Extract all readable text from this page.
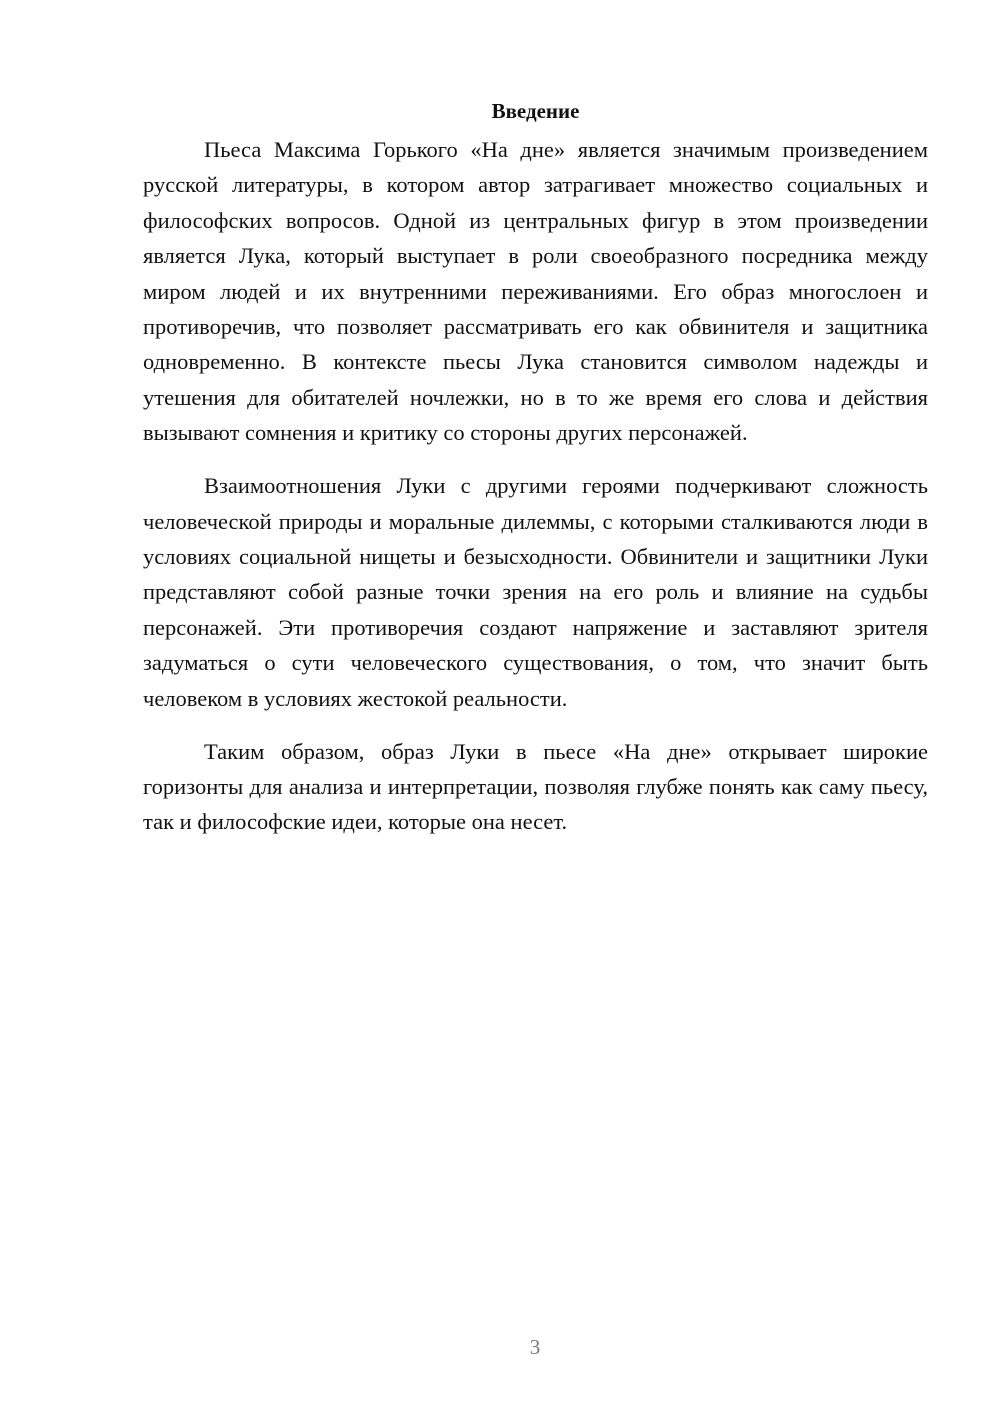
Введение

Пьеса Максима Горького «На дне» является значимым произведением русской литературы, в котором автор затрагивает множество социальных и философских вопросов. Одной из центральных фигур в этом произведении является Лука, который выступает в роли своеобразного посредника между миром людей и их внутренними переживаниями. Его образ многослоен и противоречив, что позволяет рассматривать его как обвинителя и защитника одновременно. В контексте пьесы Лука становится символом надежды и утешения для обитателей ночлежки, но в то же время его слова и действия вызывают сомнения и критику со стороны других персонажей.

Взаимоотношения Луки с другими героями подчеркивают сложность человеческой природы и моральные дилеммы, с которыми сталкиваются люди в условиях социальной нищеты и безысходности. Обвинители и защитники Луки представляют собой разные точки зрения на его роль и влияние на судьбы персонажей. Эти противоречия создают напряжение и заставляют зрителя задуматься о сути человеческого существования, о том, что значит быть человеком в условиях жестокой реальности.

Таким образом, образ Луки в пьесе «На дне» открывает широкие горизонты для анализа и интерпретации, позволяя глубже понять как саму пьесу, так и философские идеи, которые она несет.

3
